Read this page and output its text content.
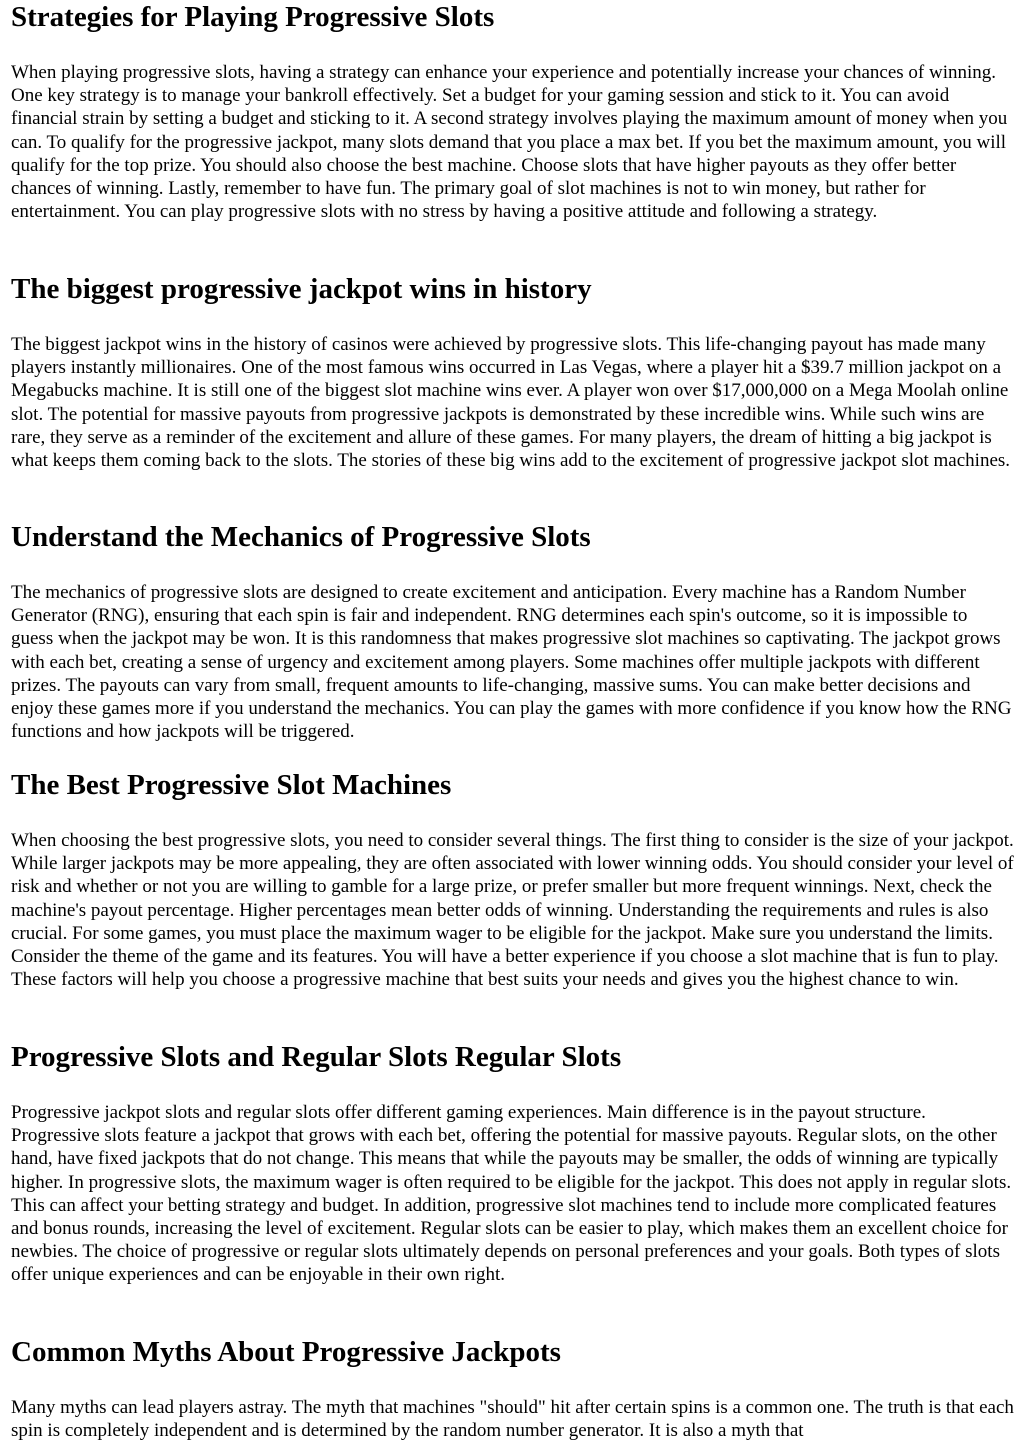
Strategies for Playing Progressive Slots

When playing progressive slots, having a strategy can enhance your experience and potentially increase your chances of winning. One key strategy is to manage your bankroll effectively. Set a budget for your gaming session and stick to it. You can avoid financial strain by setting a budget and sticking to it. A second strategy involves playing the maximum amount of money when you can. To qualify for the progressive jackpot, many slots demand that you place a max bet. If you bet the maximum amount, you will qualify for the top prize. You should also choose the best machine. Choose slots that have higher payouts as they offer better chances of winning. Lastly, remember to have fun. The primary goal of slot machines is not to win money, but rather for entertainment. You can play progressive slots with no stress by having a positive attitude and following a strategy.

The biggest progressive jackpot wins in history

The biggest jackpot wins in the history of casinos were achieved by progressive slots. This life-changing payout has made many players instantly millionaires. One of the most famous wins occurred in Las Vegas, where a player hit a $39.7 million jackpot on a Megabucks machine. It is still one of the biggest slot machine wins ever. A player won over $17,000,000 on a Mega Moolah online slot. The potential for massive payouts from progressive jackpots is demonstrated by these incredible wins. While such wins are rare, they serve as a reminder of the excitement and allure of these games. For many players, the dream of hitting a big jackpot is what keeps them coming back to the slots. The stories of these big wins add to the excitement of progressive jackpot slot machines.

Understand the Mechanics of Progressive Slots

The mechanics of progressive slots are designed to create excitement and anticipation. Every machine has a Random Number Generator (RNG), ensuring that each spin is fair and independent. RNG determines each spin's outcome, so it is impossible to guess when the jackpot may be won. It is this randomness that makes progressive slot machines so captivating. The jackpot grows with each bet, creating a sense of urgency and excitement among players. Some machines offer multiple jackpots with different prizes. The payouts can vary from small, frequent amounts to life-changing, massive sums. You can make better decisions and enjoy these games more if you understand the mechanics. You can play the games with more confidence if you know how the RNG functions and how jackpots will be triggered.

The Best Progressive Slot Machines

When choosing the best progressive slots, you need to consider several things. The first thing to consider is the size of your jackpot. While larger jackpots may be more appealing, they are often associated with lower winning odds. You should consider your level of risk and whether or not you are willing to gamble for a large prize, or prefer smaller but more frequent winnings. Next, check the machine's payout percentage. Higher percentages mean better odds of winning. Understanding the requirements and rules is also crucial. For some games, you must place the maximum wager to be eligible for the jackpot. Make sure you understand the limits. Consider the theme of the game and its features. You will have a better experience if you choose a slot machine that is fun to play. These factors will help you choose a progressive machine that best suits your needs and gives you the highest chance to win.

Progressive Slots and Regular Slots Regular Slots

Progressive jackpot slots and regular slots offer different gaming experiences. Main difference is in the payout structure. Progressive slots feature a jackpot that grows with each bet, offering the potential for massive payouts. Regular slots, on the other hand, have fixed jackpots that do not change. This means that while the payouts may be smaller, the odds of winning are typically higher. In progressive slots, the maximum wager is often required to be eligible for the jackpot. This does not apply in regular slots. This can affect your betting strategy and budget. In addition, progressive slot machines tend to include more complicated features and bonus rounds, increasing the level of excitement. Regular slots can be easier to play, which makes them an excellent choice for newbies. The choice of progressive or regular slots ultimately depends on personal preferences and your goals. Both types of slots offer unique experiences and can be enjoyable in their own right.

Common Myths About Progressive Jackpots

Many myths can lead players astray. The myth that machines "should" hit after certain spins is a common one. The truth is that each spin is completely independent and is determined by the random number generator. It is also a myth that
